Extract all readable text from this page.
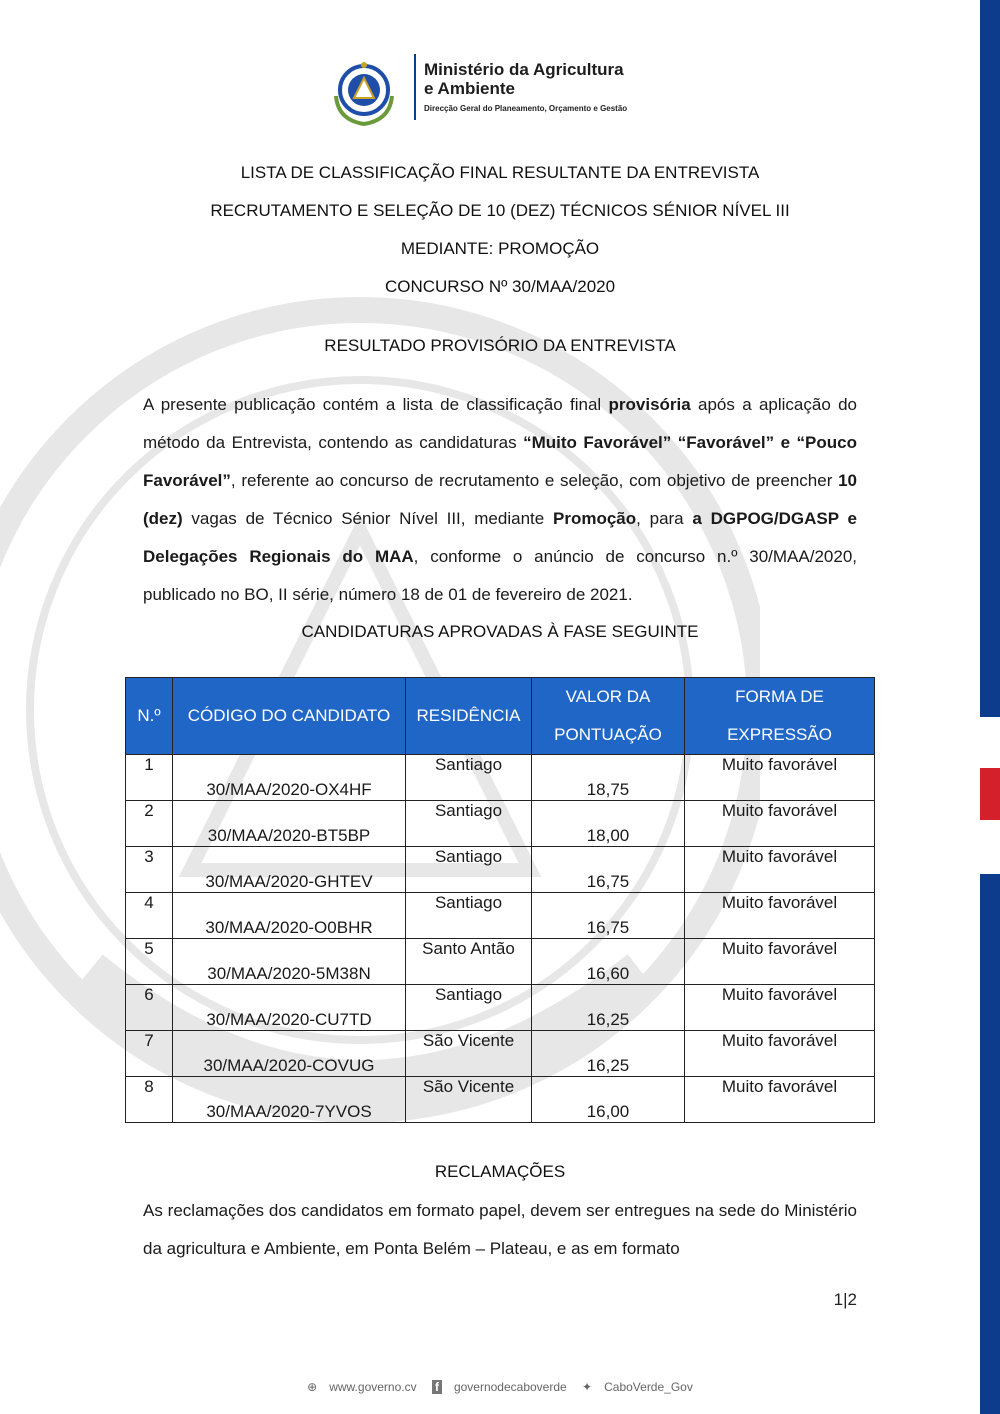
Ministério da Agricultura
e Ambiente
Direcção Geral do Planeamento, Orçamento e Gestão
LISTA DE CLASSIFICAÇÃO FINAL RESULTANTE DA ENTREVISTA
RECRUTAMENTO E SELEÇÃO DE 10 (DEZ) TÉCNICOS SÉNIOR NÍVEL III
MEDIANTE: PROMOÇÃO
CONCURSO Nº 30/MAA/2020
RESULTADO PROVISÓRIO DA ENTREVISTA
A presente publicação contém a lista de classificação final provisória após a aplicação do método da Entrevista, contendo as candidaturas “Muito Favorável” “Favorável” e “Pouco Favorável”, referente ao concurso de recrutamento e seleção, com objetivo de preencher 10 (dez) vagas de Técnico Sénior Nível III, mediante Promoção, para a DGPOG/DGASP e Delegações Regionais do MAA, conforme o anúncio de concurso n.º 30/MAA/2020, publicado no BO, II série, número 18 de 01 de fevereiro de 2021.
CANDIDATURAS APROVADAS À FASE SEGUINTE
N.º	CÓDIGO DO CANDIDATO	RESIDÊNCIA	VALOR DA PONTUAÇÃO	FORMA DE EXPRESSÃO
1	30/MAA/2020-OX4HF	Santiago	18,75	Muito favorável
2	30/MAA/2020-BT5BP	Santiago	18,00	Muito favorável
3	30/MAA/2020-GHTEV	Santiago	16,75	Muito favorável
4	30/MAA/2020-O0BHR	Santiago	16,75	Muito favorável
5	30/MAA/2020-5M38N	Santo Antão	16,60	Muito favorável
6	30/MAA/2020-CU7TD	Santiago	16,25	Muito favorável
7	30/MAA/2020-COVUG	São Vicente	16,25	Muito favorável
8	30/MAA/2020-7YVOS	São Vicente	16,00	Muito favorável
RECLAMAÇÕES
As reclamações dos candidatos em formato papel, devem ser entregues na sede do Ministério da agricultura e Ambiente, em Ponta Belém – Plateau, e as em formato
1|2
⊕ www.governo.cv f governodecaboverde ✦ CaboVerde_Gov
